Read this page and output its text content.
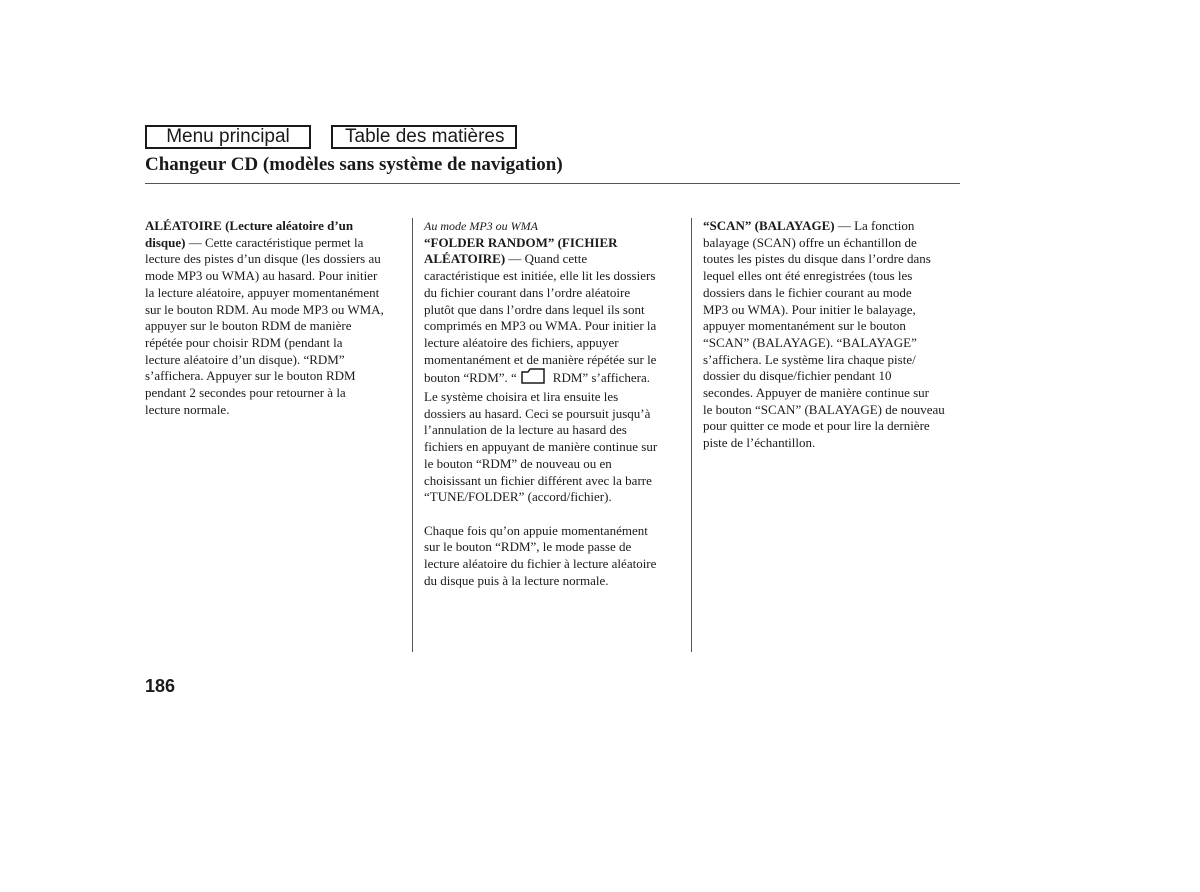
Menu principal	Table des matières
Changeur CD (modèles sans système de navigation)
ALÉATOIRE (Lecture aléatoire d’un
disque) — Cette caractéristique permet la
lecture des pistes d’un disque (les dossiers au
mode MP3 ou WMA) au hasard. Pour initier
la lecture aléatoire, appuyer momentanément
sur le bouton RDM. Au mode MP3 ou WMA,
appuyer sur le bouton RDM de manière
répétée pour choisir RDM (pendant la
lecture aléatoire d’un disque). “RDM”
s’affichera. Appuyer sur le bouton RDM
pendant 2 secondes pour retourner à la
lecture normale.
Au mode MP3 ou WMA
“FOLDER RANDOM” (FICHIER
ALÉATOIRE) — Quand cette
caractéristique est initiée, elle lit les dossiers
du fichier courant dans l’ordre aléatoire
plutôt que dans l’ordre dans lequel ils sont
comprimés en MP3 ou WMA. Pour initier la
lecture aléatoire des fichiers, appuyer
momentanément et de manière répétée sur le
bouton “RDM”. “	RDM” s’affichera.
Le système choisira et lira ensuite les
dossiers au hasard. Ceci se poursuit jusqu’à
l’annulation de la lecture au hasard des
fichiers en appuyant de manière continue sur
le bouton “RDM” de nouveau ou en
choisissant un fichier différent avec la barre
“TUNE/FOLDER” (accord/fichier).
Chaque fois qu’on appuie momentanément
sur le bouton “RDM”, le mode passe de
lecture aléatoire du fichier à lecture aléatoire
du disque puis à la lecture normale.
“SCAN” (BALAYAGE) — La fonction
balayage (SCAN) offre un échantillon de
toutes les pistes du disque dans l’ordre dans
lequel elles ont été enregistrées (tous les
dossiers dans le fichier courant au mode
MP3 ou WMA). Pour initier le balayage,
appuyer momentanément sur le bouton
“SCAN” (BALAYAGE). “BALAYAGE”
s’affichera. Le système lira chaque piste/
dossier du disque/fichier pendant 10
secondes. Appuyer de manière continue sur
le bouton “SCAN” (BALAYAGE) de nouveau
pour quitter ce mode et pour lire la dernière
piste de l’échantillon.
186
